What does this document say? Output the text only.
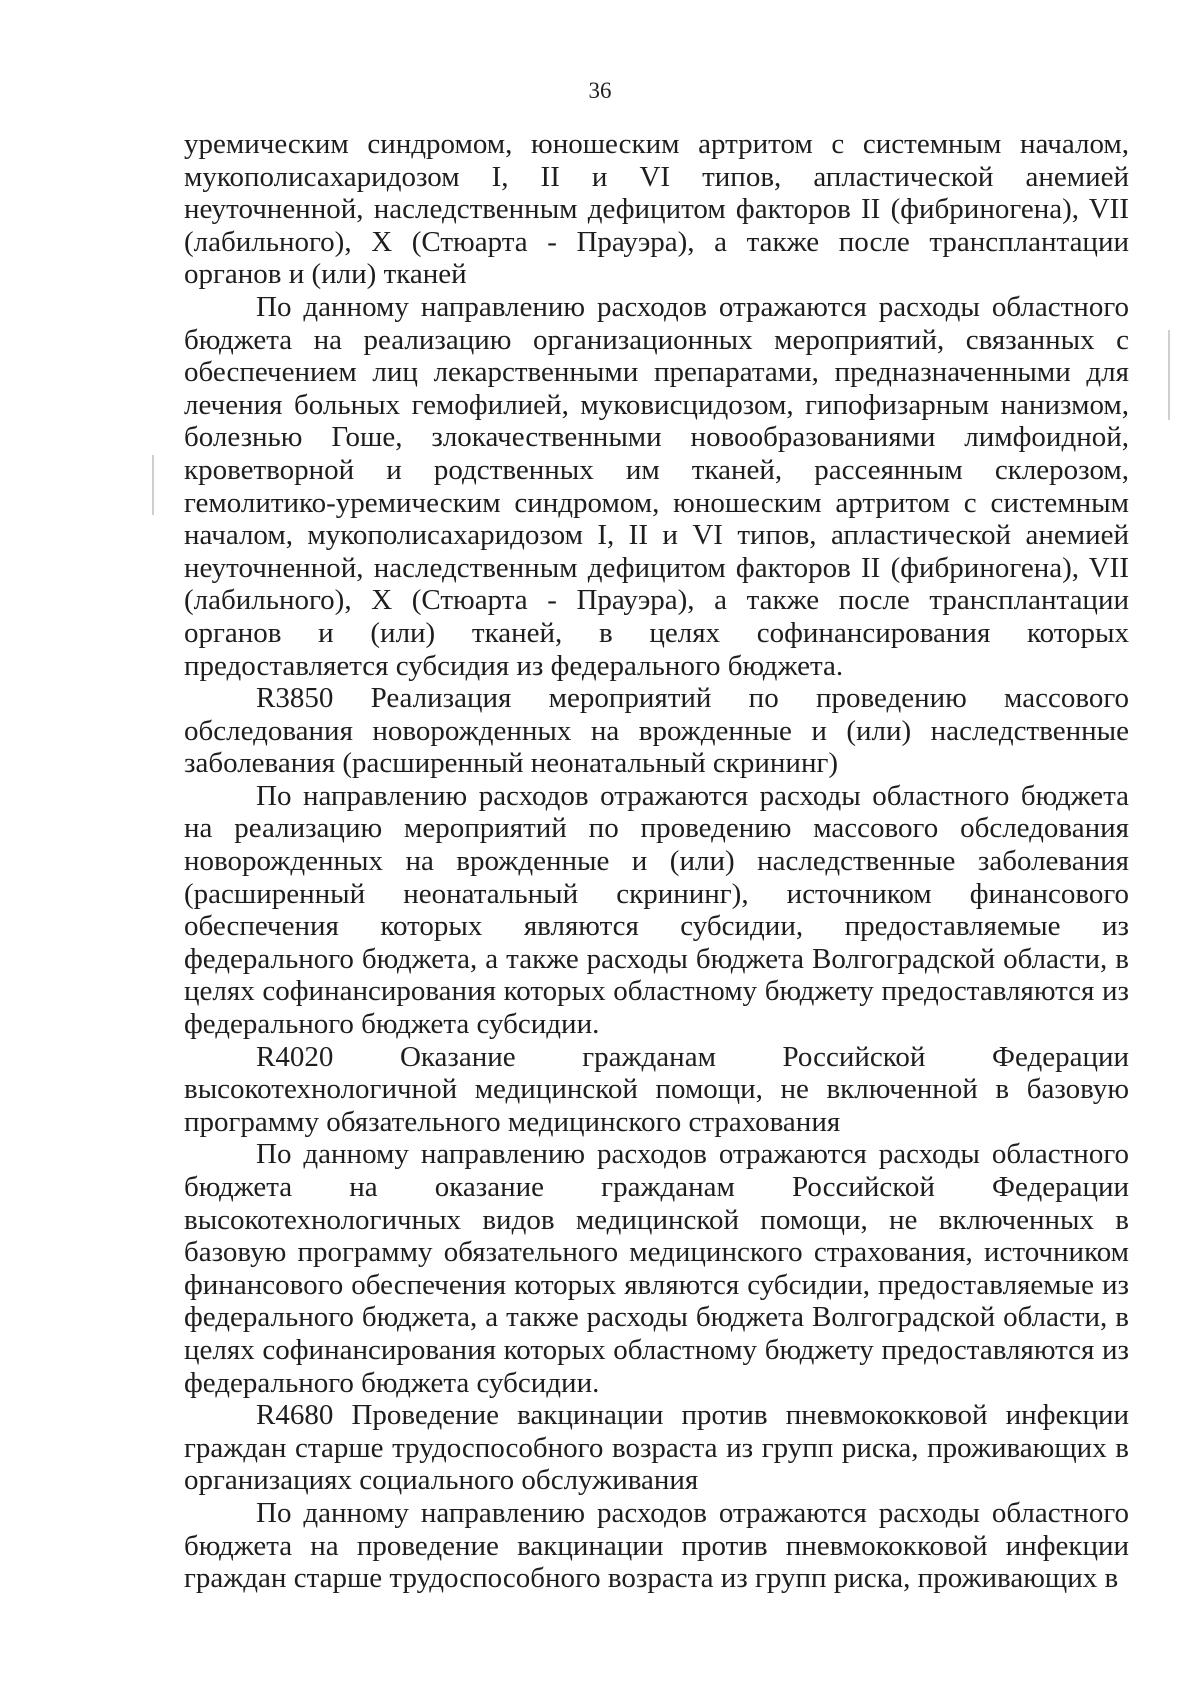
36

уремическим синдромом, юношеским артритом с системным началом, мукополисахаридозом I, II и VI типов, апластической анемией неуточненной, наследственным дефицитом факторов II (фибриногена), VII (лабильного), X (Стюарта - Прауэра), а также после трансплантации органов и (или) тканей

По данному направлению расходов отражаются расходы областного бюджета на реализацию организационных мероприятий, связанных с обеспечением лиц лекарственными препаратами, предназначенными для лечения больных гемофилией, муковисцидозом, гипофизарным нанизмом, болезнью Гоше, злокачественными новообразованиями лимфоидной, кроветворной и родственных им тканей, рассеянным склерозом, гемолитико-уремическим синдромом, юношеским артритом с системным началом, мукополисахаридозом I, II и VI типов, апластической анемией неуточненной, наследственным дефицитом факторов II (фибриногена), VII (лабильного), X (Стюарта - Прауэра), а также после трансплантации органов и (или) тканей, в целях софинансирования которых предоставляется субсидия из федерального бюджета.

R3850 Реализация мероприятий по проведению массового обследования новорожденных на врожденные и (или) наследственные заболевания (расширенный неонатальный скрининг)

По направлению расходов отражаются расходы областного бюджета на реализацию мероприятий по проведению массового обследования новорожденных на врожденные и (или) наследственные заболевания (расширенный неонатальный скрининг), источником финансового обеспечения которых являются субсидии, предоставляемые из федерального бюджета, а также расходы бюджета Волгоградской области, в целях софинансирования которых областному бюджету предоставляются из федерального бюджета субсидии.

R4020 Оказание гражданам Российской Федерации высокотехнологичной медицинской помощи, не включенной в базовую программу обязательного медицинского страхования

По данному направлению расходов отражаются расходы областного бюджета на оказание гражданам Российской Федерации высокотехнологичных видов медицинской помощи, не включенных в базовую программу обязательного медицинского страхования, источником финансового обеспечения которых являются субсидии, предоставляемые из федерального бюджета, а также расходы бюджета Волгоградской области, в целях софинансирования которых областному бюджету предоставляются из федерального бюджета субсидии.

R4680 Проведение вакцинации против пневмококковой инфекции граждан старше трудоспособного возраста из групп риска, проживающих в организациях социального обслуживания

По данному направлению расходов отражаются расходы областного бюджета на проведение вакцинации против пневмококковой инфекции граждан старше трудоспособного возраста из групп риска, проживающих в
